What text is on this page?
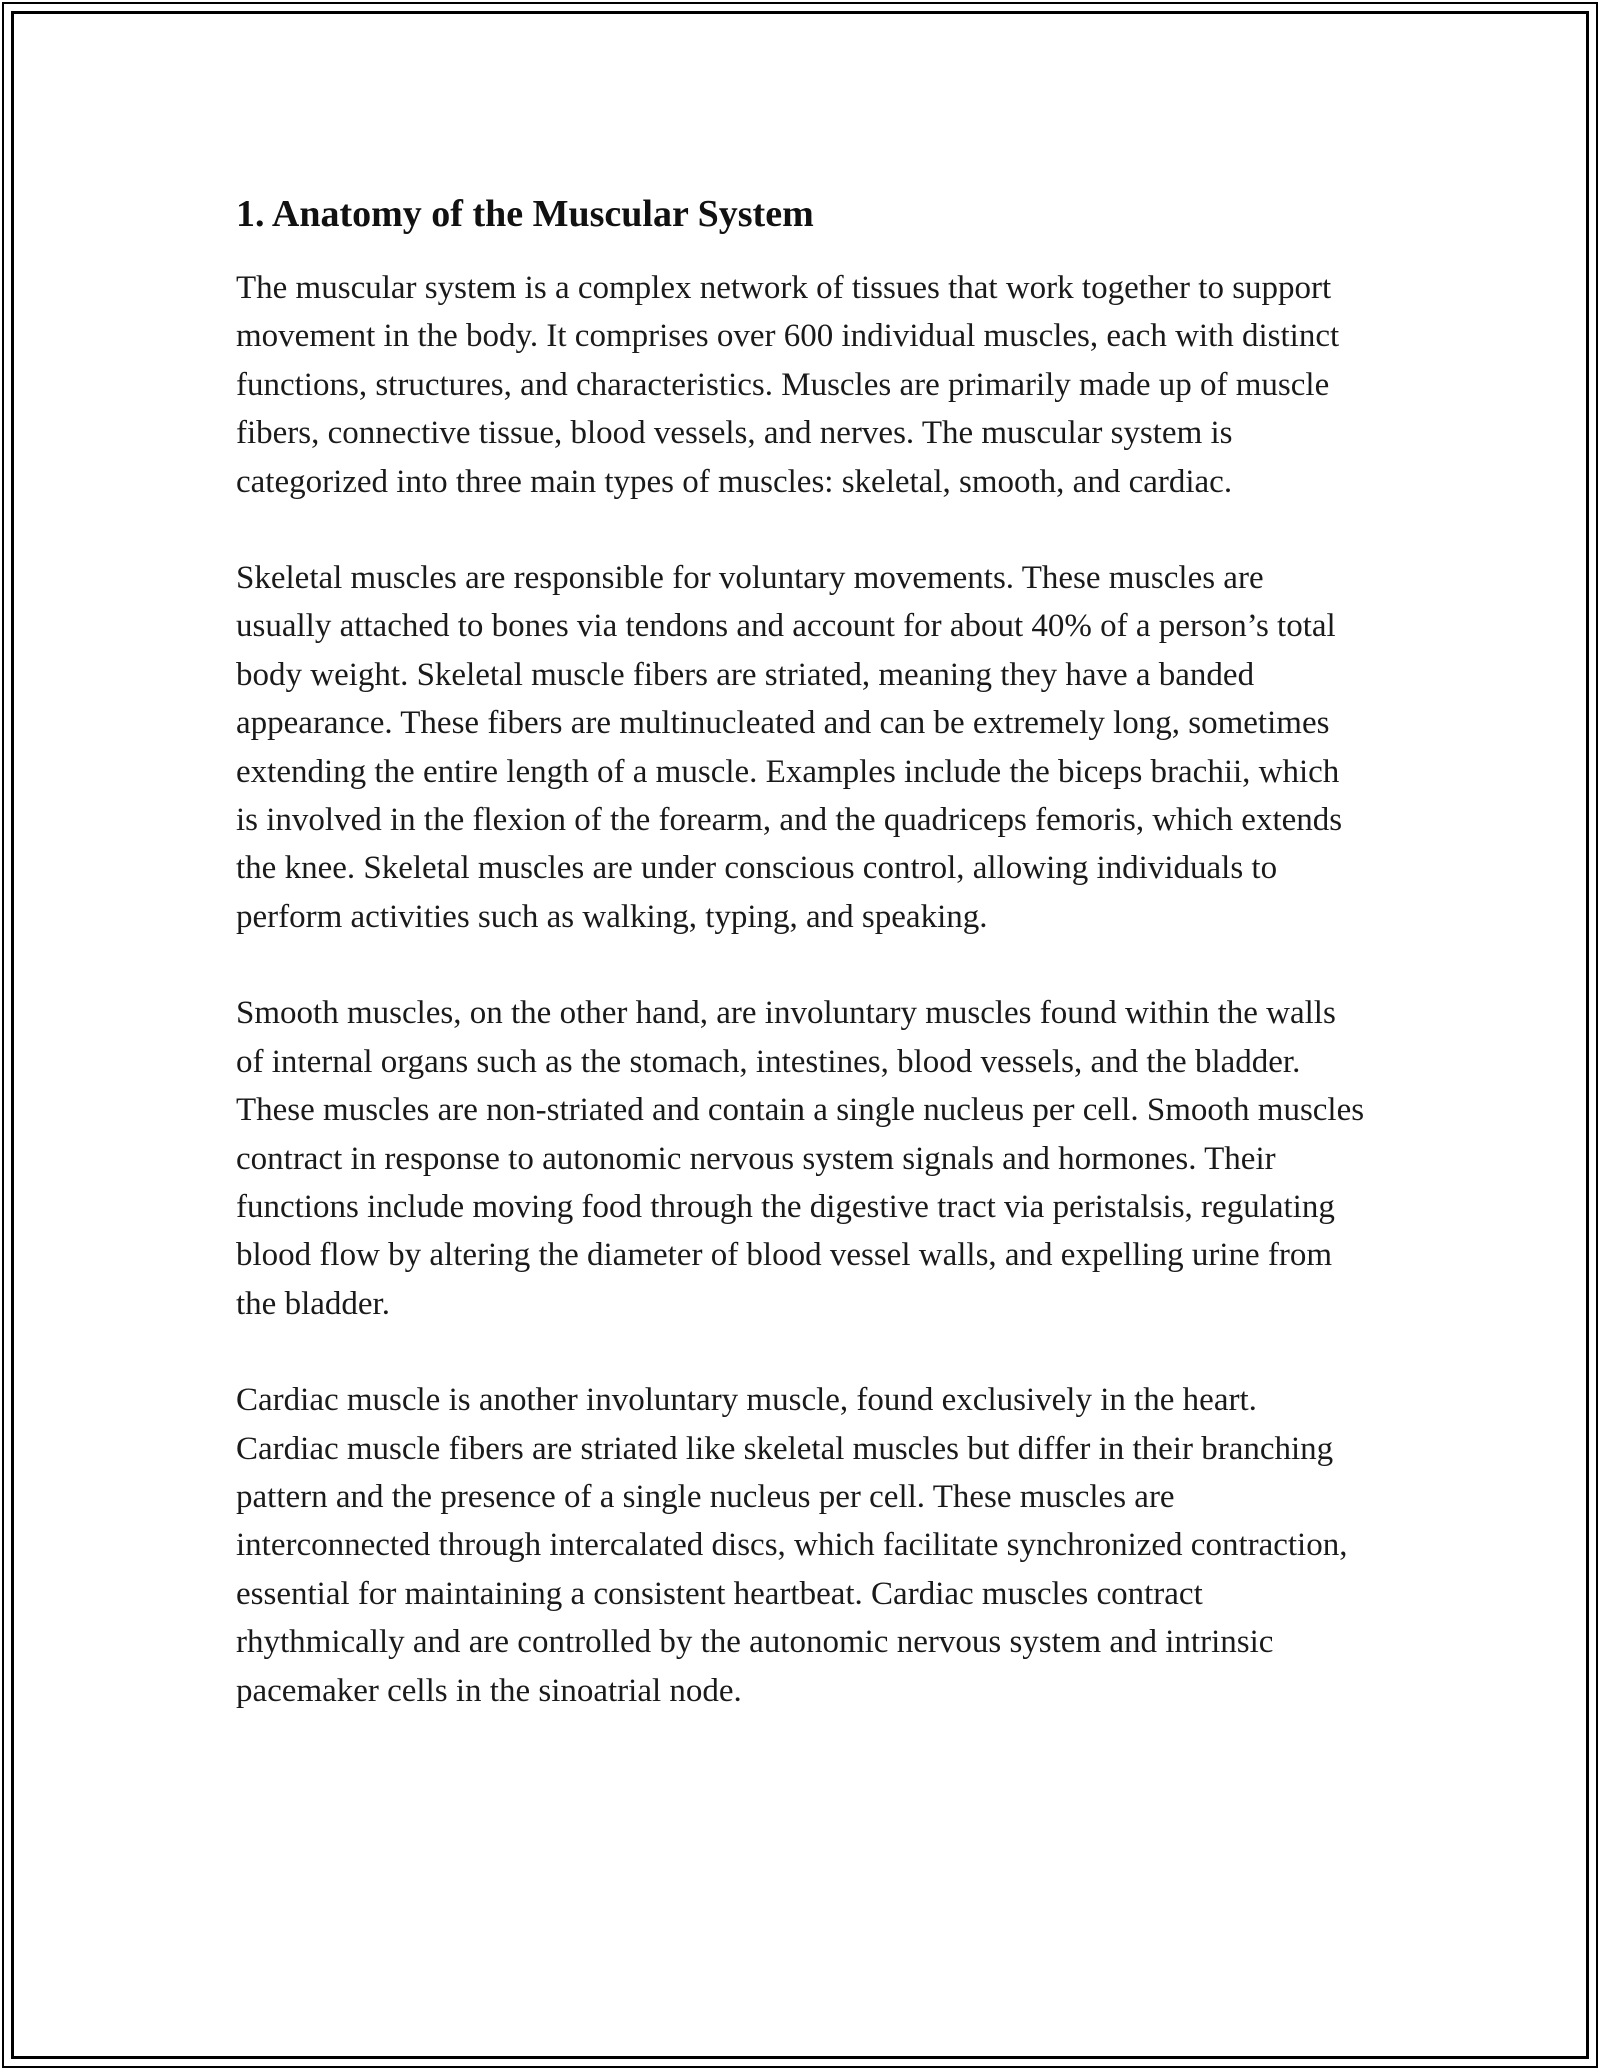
1. Anatomy of the Muscular System

The muscular system is a complex network of tissues that work together to support movement in the body. It comprises over 600 individual muscles, each with distinct functions, structures, and characteristics. Muscles are primarily made up of muscle fibers, connective tissue, blood vessels, and nerves. The muscular system is categorized into three main types of muscles: skeletal, smooth, and cardiac.

Skeletal muscles are responsible for voluntary movements. These muscles are usually attached to bones via tendons and account for about 40% of a person’s total body weight. Skeletal muscle fibers are striated, meaning they have a banded appearance. These fibers are multinucleated and can be extremely long, sometimes extending the entire length of a muscle. Examples include the biceps brachii, which is involved in the flexion of the forearm, and the quadriceps femoris, which extends the knee. Skeletal muscles are under conscious control, allowing individuals to perform activities such as walking, typing, and speaking.

Smooth muscles, on the other hand, are involuntary muscles found within the walls of internal organs such as the stomach, intestines, blood vessels, and the bladder. These muscles are non-striated and contain a single nucleus per cell. Smooth muscles contract in response to autonomic nervous system signals and hormones. Their functions include moving food through the digestive tract via peristalsis, regulating blood flow by altering the diameter of blood vessel walls, and expelling urine from the bladder.

Cardiac muscle is another involuntary muscle, found exclusively in the heart. Cardiac muscle fibers are striated like skeletal muscles but differ in their branching pattern and the presence of a single nucleus per cell. These muscles are interconnected through intercalated discs, which facilitate synchronized contraction, essential for maintaining a consistent heartbeat. Cardiac muscles contract rhythmically and are controlled by the autonomic nervous system and intrinsic pacemaker cells in the sinoatrial node.
